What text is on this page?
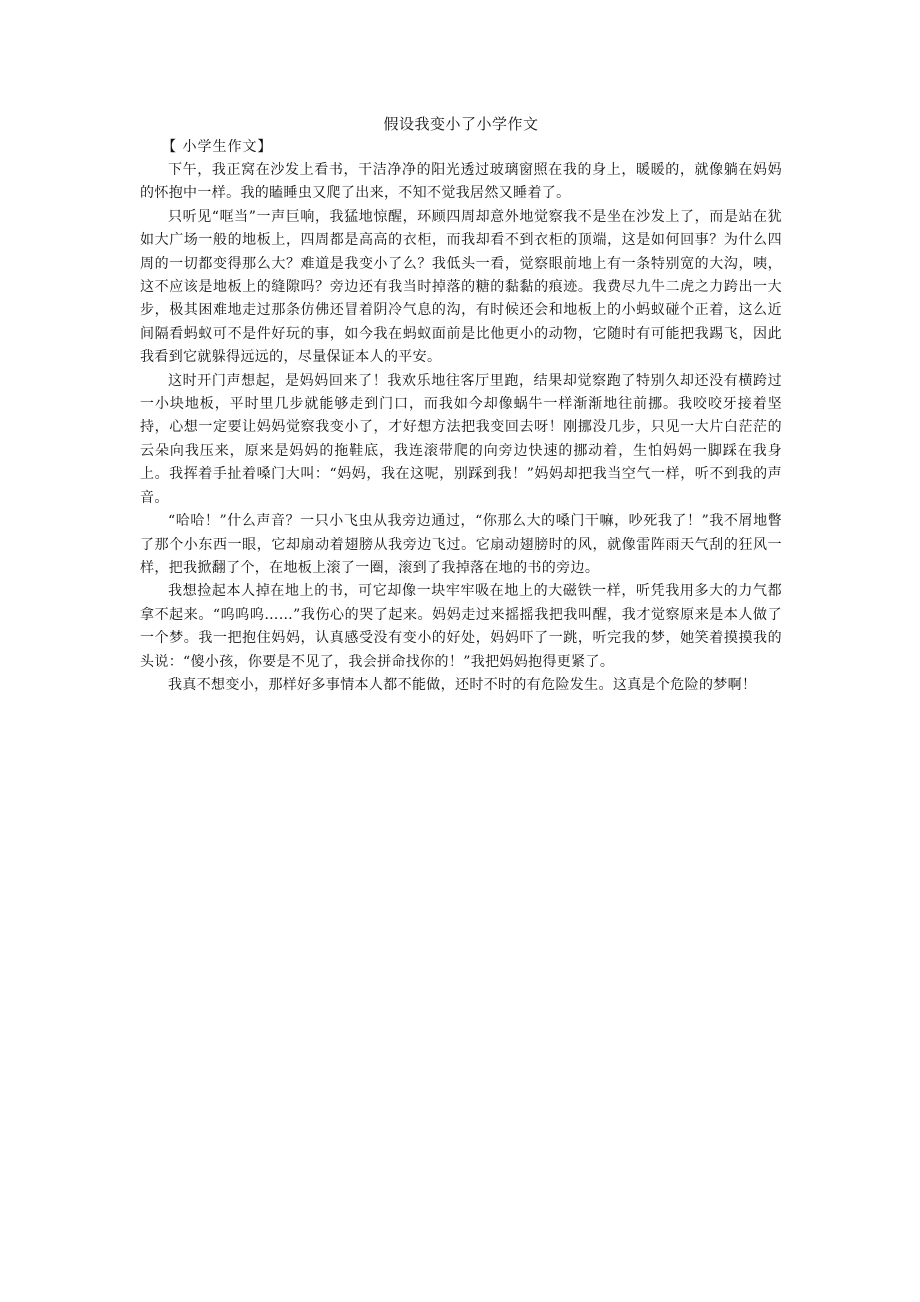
假设我变小了小学作文

【 小学生作文】

下午，我正窝在沙发上看书，干洁净净的阳光透过玻璃窗照在我的身上，暖暖的，就像躺在妈妈的怀抱中一样。我的瞌睡虫又爬了出来，不知不觉我居然又睡着了。

只听见“哐当”一声巨响，我猛地惊醒，环顾四周却意外地觉察我不是坐在沙发上了，而是站在犹如大广场一般的地板上，四周都是高高的衣柜，而我却看不到衣柜的顶端，这是如何回事？为什么四周的一切都变得那么大？难道是我变小了么？我低头一看，觉察眼前地上有一条特别宽的大沟，咦，这不应该是地板上的缝隙吗？旁边还有我当时掉落的糖的黏黏的痕迹。我费尽九牛二虎之力跨出一大步，极其困难地走过那条仿佛还冒着阴冷气息的沟，有时候还会和地板上的小蚂蚁碰个正着，这么近间隔看蚂蚁可不是件好玩的事，如今我在蚂蚁面前是比他更小的动物，它随时有可能把我踢飞，因此我看到它就躲得远远的，尽量保证本人的平安。

这时开门声想起，是妈妈回来了！我欢乐地往客厅里跑，结果却觉察跑了特别久却还没有横跨过一小块地板，平时里几步就能够走到门口，而我如今却像蜗牛一样渐渐地往前挪。我咬咬牙接着坚持，心想一定要让妈妈觉察我变小了，才好想方法把我变回去呀！刚挪没几步，只见一大片白茫茫的云朵向我压来，原来是妈妈的拖鞋底，我连滚带爬的向旁边快速的挪动着，生怕妈妈一脚踩在我身上。我挥着手扯着嗓门大叫：“妈妈，我在这呢，别踩到我！”妈妈却把我当空气一样，听不到我的声音。

“哈哈！”什么声音？一只小飞虫从我旁边通过，“你那么大的嗓门干嘛，吵死我了！”我不屑地瞥了那个小东西一眼，它却扇动着翅膀从我旁边飞过。它扇动翅膀时的风，就像雷阵雨天气刮的狂风一样，把我掀翻了个，在地板上滚了一圈，滚到了我掉落在地的书的旁边。

我想捡起本人掉在地上的书，可它却像一块牢牢吸在地上的大磁铁一样，听凭我用多大的力气都拿不起来。“呜呜呜……”我伤心的哭了起来。妈妈走过来摇摇我把我叫醒，我才觉察原来是本人做了一个梦。我一把抱住妈妈，认真感受没有变小的好处，妈妈吓了一跳，听完我的梦，她笑着摸摸我的头说：“傻小孩，你要是不见了，我会拼命找你的！”我把妈妈抱得更紧了。

我真不想变小，那样好多事情本人都不能做，还时不时的有危险发生。这真是个危险的梦啊！
